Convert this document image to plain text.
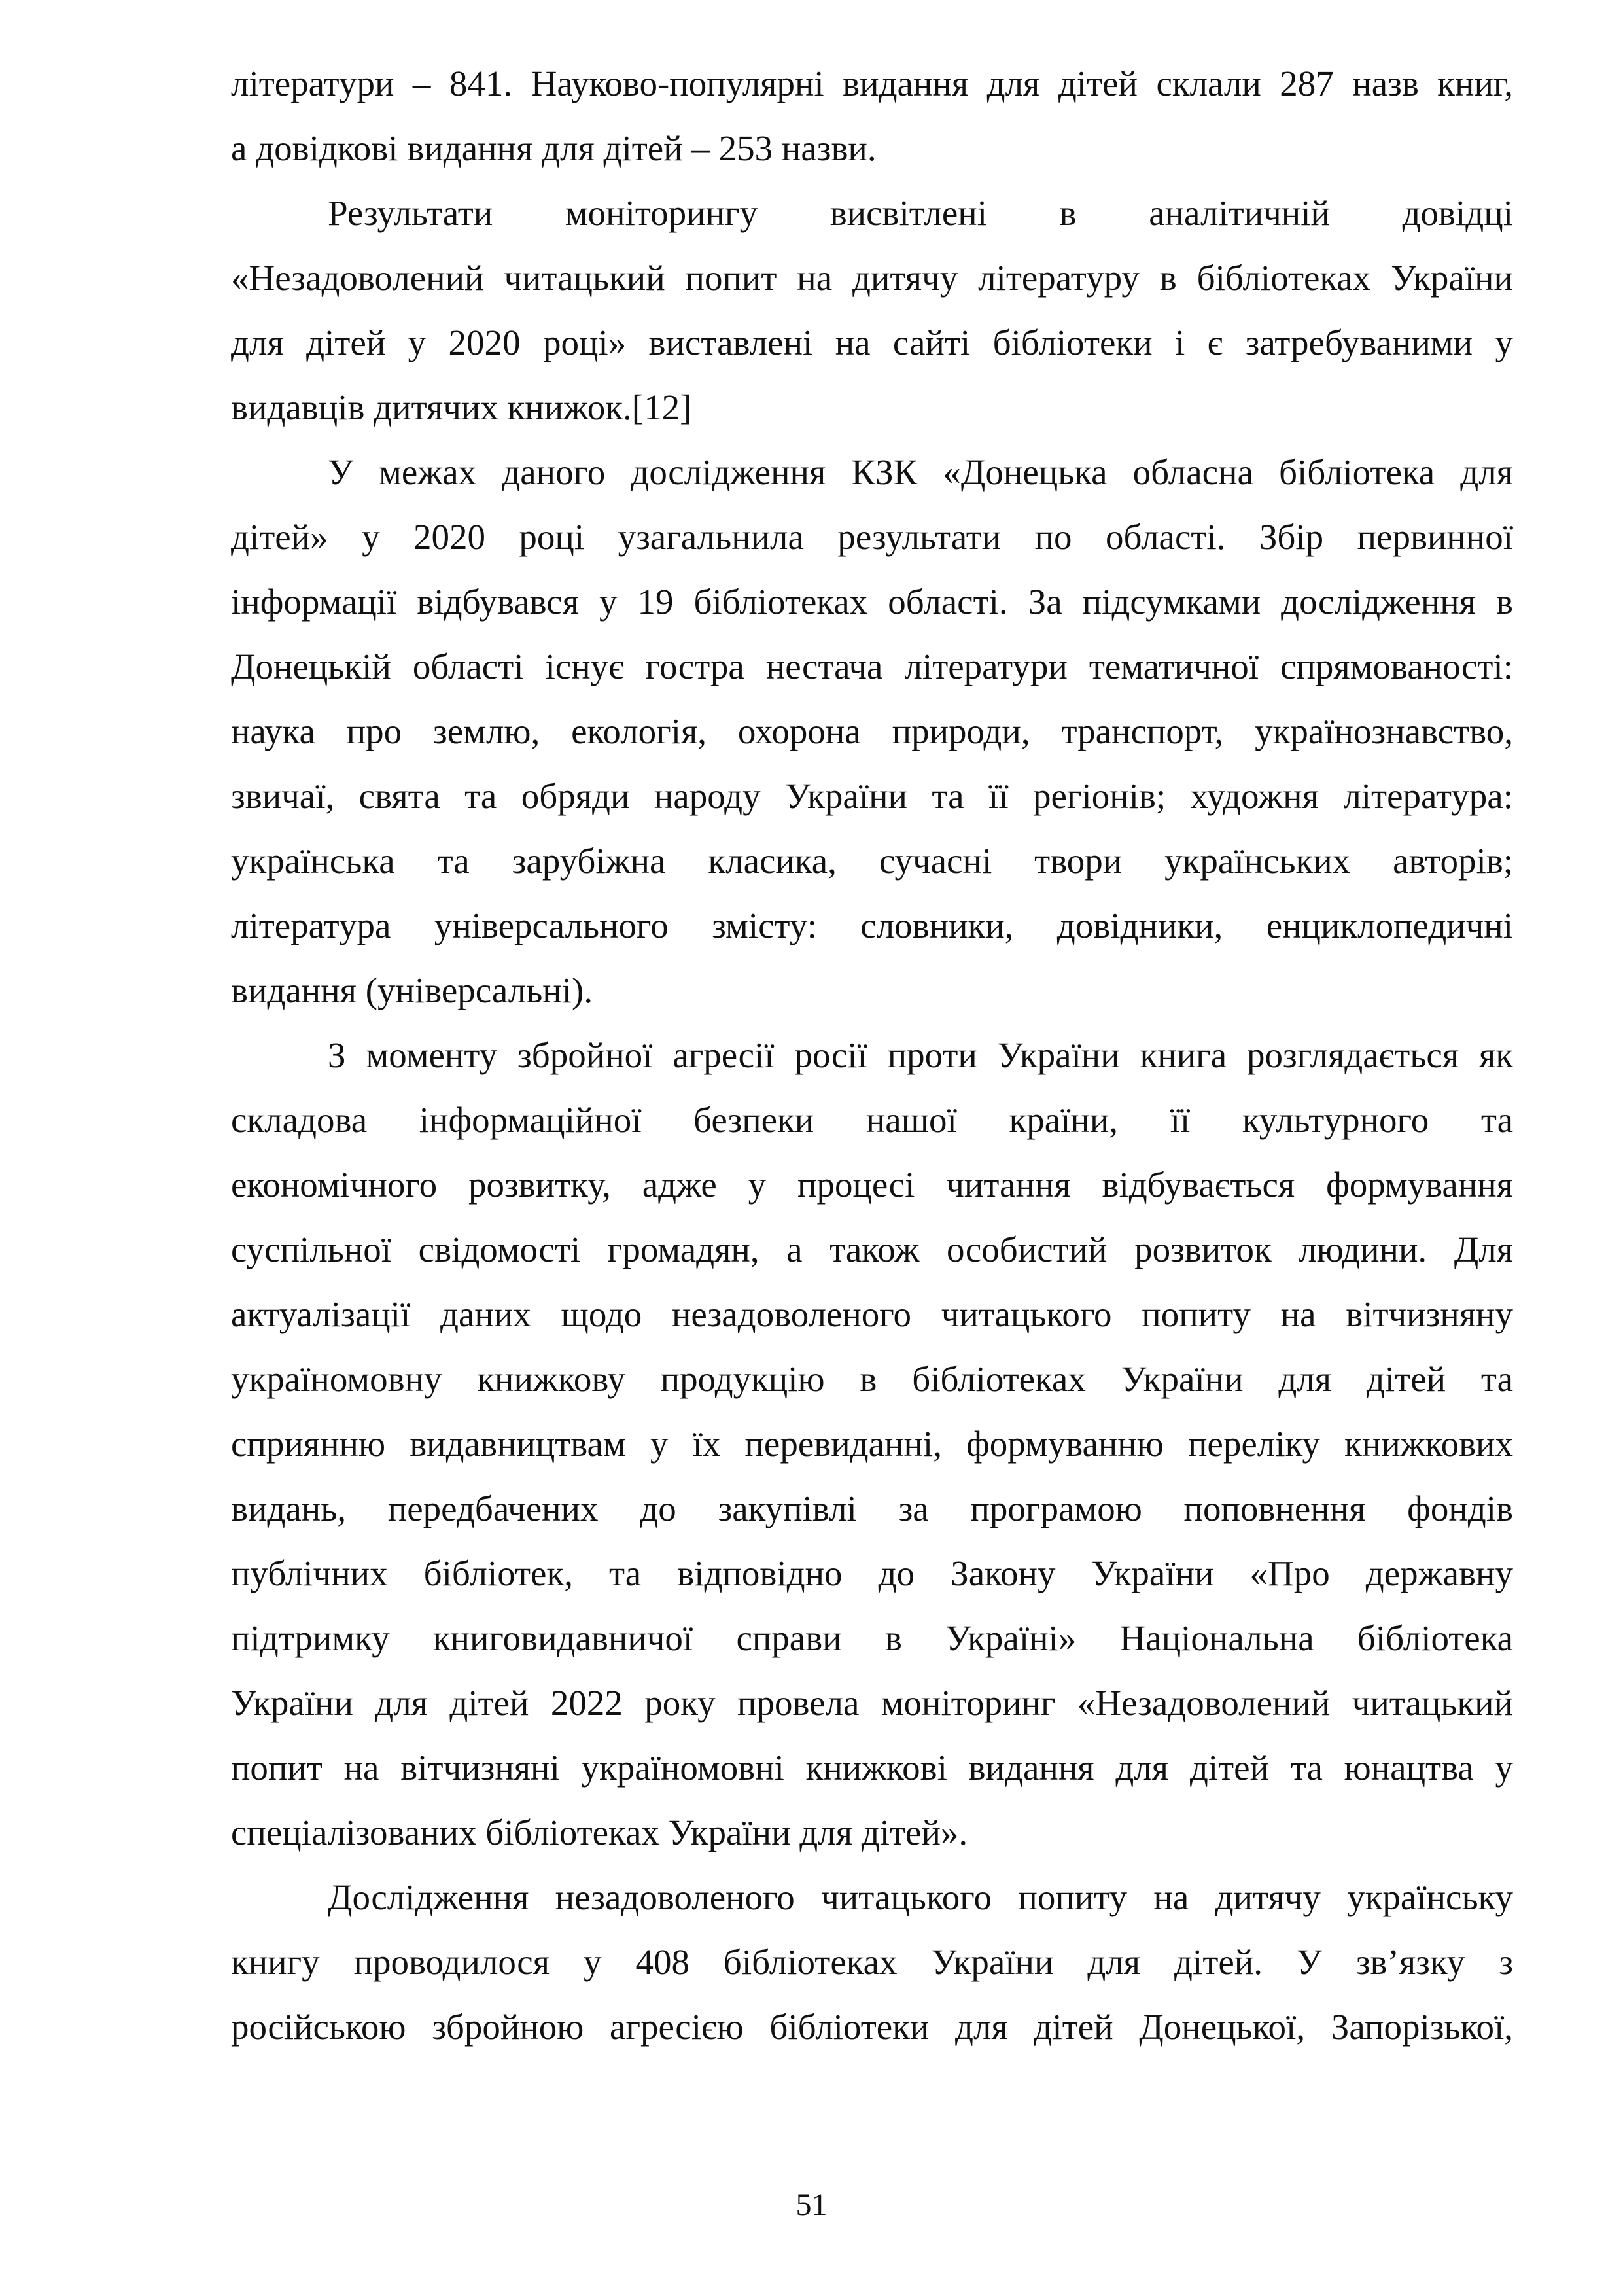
літератури – 841. Науково-популярні видання для дітей склали 287 назв книг,
а довідкові видання для дітей – 253 назви.
Результати моніторингу висвітлені в аналітичній довідці
«Незадоволений читацький попит на дитячу літературу в бібліотеках України
для дітей у 2020 році» виставлені на сайті бібліотеки і є затребуваними у
видавців дитячих книжок.[12]
У межах даного дослідження КЗК «Донецька обласна бібліотека для
дітей» у 2020 році узагальнила результати по області. Збір первинної
інформації відбувався у 19 бібліотеках області. За підсумками дослідження в
Донецькій області існує гостра нестача літератури тематичної спрямованості:
наука про землю, екологія, охорона природи, транспорт, українознавство,
звичаї, свята та обряди народу України та її регіонів; художня література:
українська та зарубіжна класика, сучасні твори українських авторів;
література універсального змісту: словники, довідники, енциклопедичні
видання (універсальні).
З моменту збройної агресії росії проти України книга розглядається як
складова інформаційної безпеки нашої країни, її культурного та
економічного розвитку, адже у процесі читання відбувається формування
суспільної свідомості громадян, а також особистий розвиток людини. Для
актуалізації даних щодо незадоволеного читацького попиту на вітчизняну
україномовну книжкову продукцію в бібліотеках України для дітей та
сприянню видавництвам у їх перевиданні, формуванню переліку книжкових
видань, передбачених до закупівлі за програмою поповнення фондів
публічних бібліотек, та відповідно до Закону України «Про державну
підтримку книговидавничої справи в Україні» Національна бібліотека
України для дітей 2022 року провела моніторинг «Незадоволений читацький
попит на вітчизняні україномовні книжкові видання для дітей та юнацтва у
спеціалізованих бібліотеках України для дітей».
Дослідження незадоволеного читацького попиту на дитячу українську
книгу проводилося у 408 бібліотеках України для дітей. У зв’язку з
російською збройною агресією бібліотеки для дітей Донецької, Запорізької,
51
